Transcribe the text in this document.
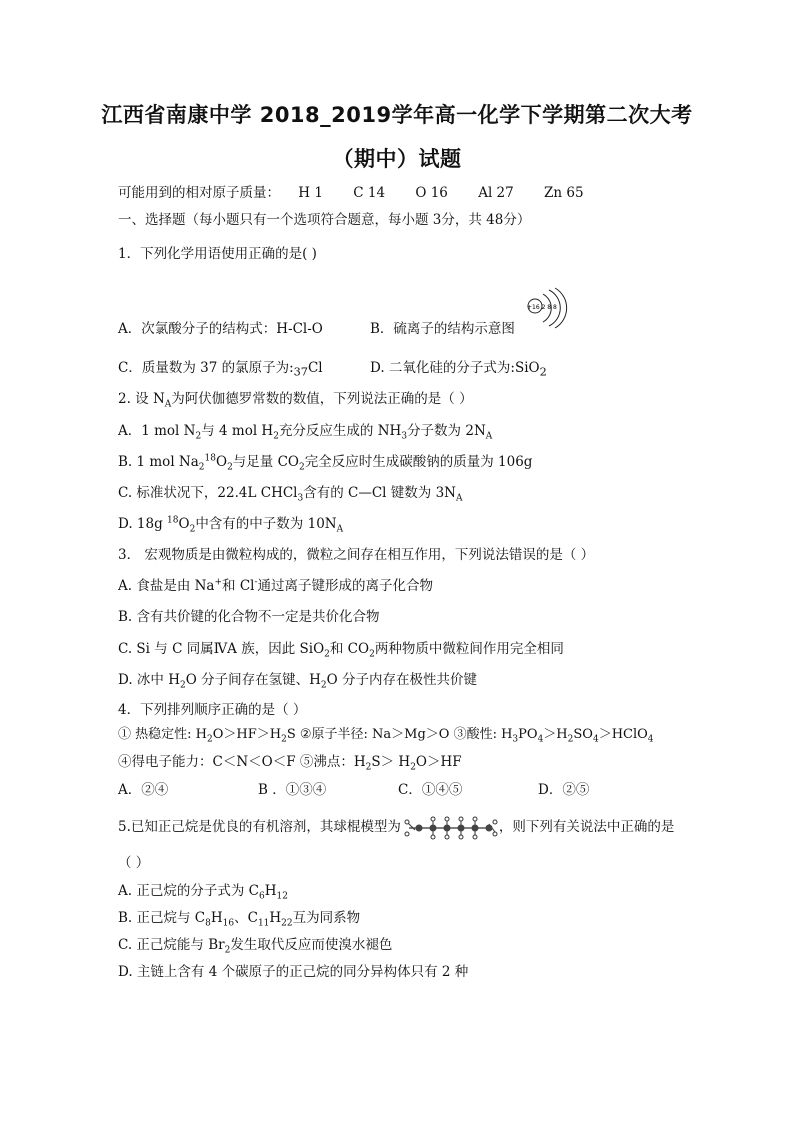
江西省南康中学 2018_2019学年高一化学下学期第二次大考
（期中）试题
可能用到的相对原子质量： H 1 C 14 O 16 Al 27 Zn 65
一、选择题（每小题只有一个选项符合题意，每小题 3分，共 48分）
1．下列化学用语使用正确的是( )
A．次氯酸分子的结构式：H-Cl-O	B．硫离子的结构示意图
+16 2 8 8
C．质量数为 37 的氯原子为$:_{37}Cl$	D. 二氧化硅的分子式为:SiO$_2$
2. 设 $N_A$为阿伏伽德罗常数的数值，下列说法正确的是（ ）
A．1 mol $N_2$与 4 mol $H_2$充分反应生成的 $NH_3$分子数为 $2N_A$
B. 1 mol $Na_2^{18}O_2$与足量 $CO_2$完全反应时生成碳酸钠的质量为 106g
C. 标准状况下，22.4L CHCl$_3$含有的 C—Cl 键数为 $3N_A$
D. 18g $^{18}O_2$中含有的中子数为 $10N_A$
3． 宏观物质是由微粒构成的，微粒之间存在相互作用，下列说法错误的是（ ）
A. 食盐是由 Na+和 Cl-通过离子键形成的离子化合物
B. 含有共价键的化合物不一定是共价化合物
C. Si 与 C 同属ⅣA 族，因此 SiO$_2$和 $CO_2$两种物质中微粒间作用完全相同
D. 冰中 $H_2O$ 分子间存在氢键、$H_2O$ 分子内存在极性共价键
4．下列排列顺序正确的是（ ）
① 热稳定性: $H_2O>HF>H_2S$ ②原子半径: Na＞Mg＞O ③酸性: $H_3PO_4>H_2SO_4>HClO_4$
④得电子能力：C＜N＜O＜F ⑤沸点：$H_2S> H_2O>HF$
A．②④	B ．①③④	C．①④⑤	D．②⑤
5.已知正己烷是优良的有机溶剂，其球棍模型为	，则下列有关说法中正确的是
（ ）
A. 正己烷的分子式为 $C_6H_{12}$
B. 正己烷与 $C_8H_{16}$、$C_{11}H_{22}$互为同系物
C. 正己烷能与 $Br_2$发生取代反应而使溴水褪色
D. 主链上含有 4 个碳原子的正己烷的同分异构体只有 2 种
